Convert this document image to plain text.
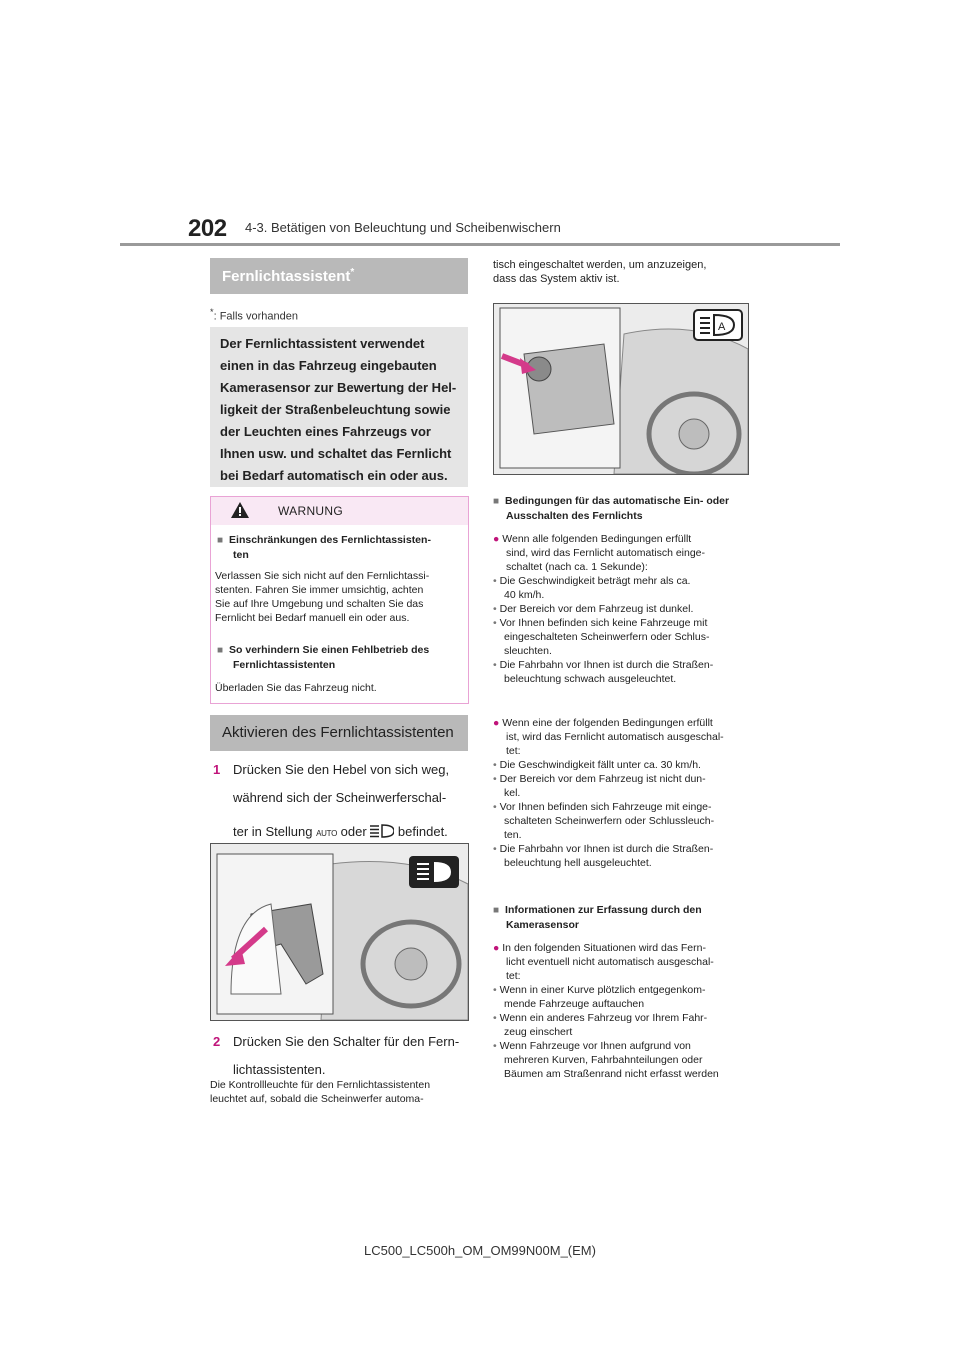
202 4-3. Betätigen von Beleuchtung und Scheibenwischern
Fernlichtassistent*
*: Falls vorhanden

Der Fernlichtassistent verwendet
einen in das Fahrzeug eingebauten
Kamerasensor zur Bewertung der Hel-
ligkeit der Straßenbeleuchtung sowie
der Leuchten eines Fahrzeugs vor
Ihnen usw. und schaltet das Fernlicht
bei Bedarf automatisch ein oder aus.

WARNUNG
■ Einschränkungen des Fernlichtassisten-
ten
Verlassen Sie sich nicht auf den Fernlichtassi-
stenten. Fahren Sie immer umsichtig, achten
Sie auf Ihre Umgebung und schalten Sie das
Fernlicht bei Bedarf manuell ein oder aus.
■ So verhindern Sie einen Fehlbetrieb des
Fernlichtassistenten
Überladen Sie das Fahrzeug nicht.
Aktivieren des Fernlichtassistenten
1 Drücken Sie den Hebel von sich weg,
während sich der Scheinwerferschal-
ter in Stellung AUTO oder befindet.
2 Drücken Sie den Schalter für den Fern-
lichtassistenten.
Die Kontrollleuchte für den Fernlichtassistenten
leuchtet auf, sobald die Scheinwerfer automa-
tisch eingeschaltet werden, um anzuzeigen,
dass das System aktiv ist.
A
■ Bedingungen für das automatische Ein- oder
Ausschalten des Fernlichts
● Wenn alle folgenden Bedingungen erfüllt
sind, wird das Fernlicht automatisch einge-
schaltet (nach ca. 1 Sekunde):
• Die Geschwindigkeit beträgt mehr als ca.
40 km/h.
• Der Bereich vor dem Fahrzeug ist dunkel.
• Vor Ihnen befinden sich keine Fahrzeuge mit
eingeschalteten Scheinwerfern oder Schlus-
sleuchten.
• Die Fahrbahn vor Ihnen ist durch die Straßen-
beleuchtung schwach ausgeleuchtet.
● Wenn eine der folgenden Bedingungen erfüllt
ist, wird das Fernlicht automatisch ausgeschal-
tet:
• Die Geschwindigkeit fällt unter ca. 30 km/h.
• Der Bereich vor dem Fahrzeug ist nicht dun-
kel.
• Vor Ihnen befinden sich Fahrzeuge mit einge-
schalteten Scheinwerfern oder Schlussleuch-
ten.
• Die Fahrbahn vor Ihnen ist durch die Straßen-
beleuchtung hell ausgeleuchtet.
■ Informationen zur Erfassung durch den
Kamerasensor
● In den folgenden Situationen wird das Fern-
licht eventuell nicht automatisch ausgeschal-
tet:
• Wenn in einer Kurve plötzlich entgegenkom-
mende Fahrzeuge auftauchen
• Wenn ein anderes Fahrzeug vor Ihrem Fahr-
zeug einschert
• Wenn Fahrzeuge vor Ihnen aufgrund von
mehreren Kurven, Fahrbahnteilungen oder
Bäumen am Straßenrand nicht erfasst werden
LC500_LC500h_OM_OM99N00M_(EM)
